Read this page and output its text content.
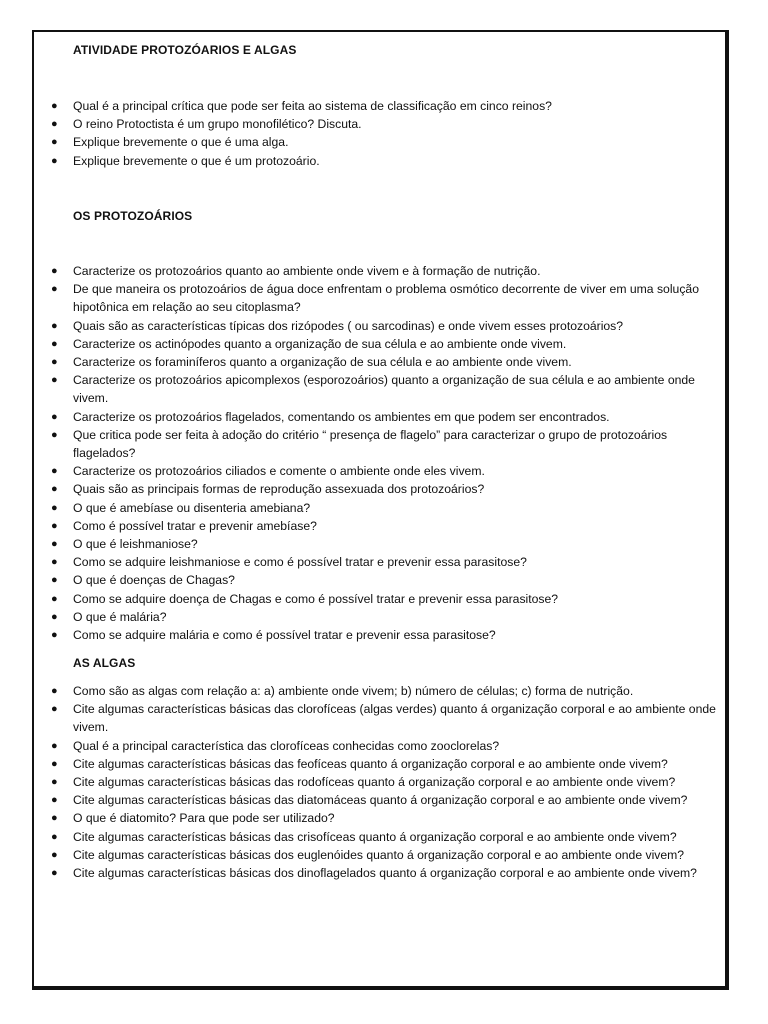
ATIVIDADE PROTOZÓARIOS E ALGAS
● Qual é a principal crítica que pode ser feita ao sistema de classificação em cinco reinos?
● O reino Protoctista é um grupo monofilético? Discuta.
● Explique brevemente o que é uma alga.
● Explique brevemente o que é um protozoário.
OS PROTOZOÁRIOS
● Caracterize os protozoários quanto ao ambiente onde vivem e à formação de nutrição.
● De que maneira os protozoários de água doce enfrentam o problema osmótico decorrente de viver em uma solução hipotônica em relação ao seu citoplasma?
● Quais são as características típicas dos rizópodes ( ou sarcodinas) e onde vivem esses protozoários?
● Caracterize os actinópodes quanto a organização de sua célula e ao ambiente onde vivem.
● Caracterize os foraminíferos quanto a organização de sua célula e ao ambiente onde vivem.
● Caracterize os protozoários apicomplexos (esporozoários) quanto a organização de sua célula e ao ambiente onde vivem.
● Caracterize os protozoários flagelados, comentando os ambientes em que podem ser encontrados.
● Que critica pode ser feita à adoção do critério “ presença de flagelo” para caracterizar o grupo de protozoários flagelados?
● Caracterize os protozoários ciliados e comente o ambiente onde eles vivem.
● Quais são as principais formas de reprodução assexuada dos protozoários?
● O que é amebíase ou disenteria amebiana?
● Como é possível tratar e prevenir amebíase?
● O que é leishmaniose?
● Como se adquire leishmaniose e como é possível tratar e prevenir essa parasitose?
● O que é doenças de Chagas?
● Como se adquire doença de Chagas e como é possível tratar e prevenir essa parasitose?
● O que é malária?
● Como se adquire malária e como é possível tratar e prevenir essa parasitose?
AS ALGAS
● Como são as algas com relação a: a) ambiente onde vivem; b) número de células; c) forma de nutrição.
● Cite algumas características básicas das clorofíceas (algas verdes) quanto á organização corporal e ao ambiente onde vivem.
● Qual é a principal característica das clorofíceas conhecidas como zooclorelas?
● Cite algumas características básicas das feofíceas quanto á organização corporal e ao ambiente onde vivem?
● Cite algumas características básicas das rodofíceas quanto á organização corporal e ao ambiente onde vivem?
● Cite algumas características básicas das diatomáceas quanto á organização corporal e ao ambiente onde vivem?
● O que é diatomito? Para que pode ser utilizado?
● Cite algumas características básicas das crisofíceas quanto á organização corporal e ao ambiente onde vivem?
● Cite algumas características básicas dos euglenóides quanto á organização corporal e ao ambiente onde vivem?
● Cite algumas características básicas dos dinoflagelados quanto á organização corporal e ao ambiente onde vivem?
